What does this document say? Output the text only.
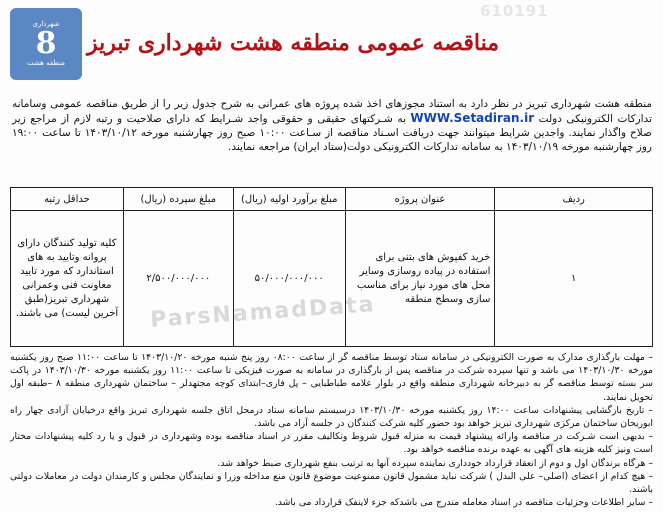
شهرداری
8
منطقه هشت
610191
مناقصه عمومی منطقه هشت شهرداری تبریز
منطقه هشت شهرداری تبریز در نظر دارد به استناد مجوزهای اخذ شده پروژه های عمرانی به شرح جدول زیر را از طریق مناقصه عمومی وسامانه تدارکات الکترونیکی دولت WWW.Setadiran.ir به شـرکتهای حقیقی و حقوقی واجد شـرایط که دارای صلاحیت و رتبه لازم از مراجع زیر صلاح واگذار نمایند. واجدین شرایط میتوانند جهت دریافت اسـناد مناقصه از سـاعت ۱۰:۰۰ صبح روز چهارشنبه مورخه ۱۴۰۳/۱۰/۱۲ تا ساعت ۱۹:۰۰ روز چهارشنبه مورخه ۱۴۰۳/۱۰/۱۹ به سامانه تدارکات الکترونیکی دولت(ستاد ایران) مراجعه نمایند.
ردیف	عنوان پروژه	مبلغ برآورد اولیه (ریال)	مبلغ سپرده (ریال)	حداقل رتبه
۱	خرید کفپوش های بتنی برای استفاده در پیاده روسازی وسایر محل های مورد نیاز برای مناسب سازی وسطح منطقه	۵۰/۰۰۰/۰۰۰/۰۰۰	۲/۵۰۰/۰۰۰/۰۰۰	کلیه تولید کنندگان دارای پروانه وتایید به های استاندارد که مورد تایید معاونت فنی وعمرانی شهرداری تبریز(طبق آخرین لیست) می باشند. ParsNamadData
– مهلت بارگذاری مدارک به صورت الکترونیکی در سامانه ستاد توسط مناقصه گر از ساعت ۰۸:۰۰ روز پنج شنبه مورخه ۱۴۰۳/۱۰/۲۰ تا ساعت ۱۱:۰۰ صبح روز یکشنبه مورخه ۱۴۰۳/۱۰/۳۰ می باشد و تنها سپرده شرکت در مناقصه پس از بارگذاری در سامانه به صورت فیزیکی تا ساعت ۱۱:۰۰ روز یکشنبه مورخه ۱۴۰۳/۱۰/۳۰ در پاکت سر بسته توسط مناقصه گر به دبیرخانه شهرداری منطقه واقع در بلوار علامه طباطبایی – پل فاری–ابتدای کوچه مجتهدلر – ساختمان شهرداری منطقه ۸ –طبقه اول تحویل نمایند.
– تاریخ بازگشایی پیشنهادات ساعت ۱۴:۰۰ روز یکشنبه مورخه ۱۴۰۳/۱۰/۳۰ درسیستم سامانه ستاد درمحل اتاق جلسه شهرداری تبریز واقع درخیابان آزادی چهار راه ابوریحان ساختمان مرکزی شهرداری تبریز خواهد بود حضور کلیه شرکت کنندگان در جلسه آزاد می باشد.
– بدیهی است شـرکت در مناقصه وارائه پیشنهاد قیمت به منزله قبول شروط وتکالیف مقرر در اسناد مناقصه بوده وشهرداری در قبول و یا رد کلیه پیشنهادات مختار است ونیز کلیه هزینه های آگهی به عهده برنده مناقصه خواهد بود.
– هرگاه برندگان اول و دوم از انعقاد قرارداد خودداری نماینده سپرده آنها به ترتیب بنفع شهرداری ضبط خواهد شد.
– هیچ کدام از اعضای (اصلی– علی البدل ) شرکت نباید مشمول قانون ممنوعیت موضوع قانون منع مداخله وزرا و نمایندگان مجلس و کارمندان دولت در معاملات دولتی باشند.
– سایر اطلاعات وجزئیات مناقصه در اسناد معامله مندرج می باشدکه جزء لاینفک قرارداد می باشد.
